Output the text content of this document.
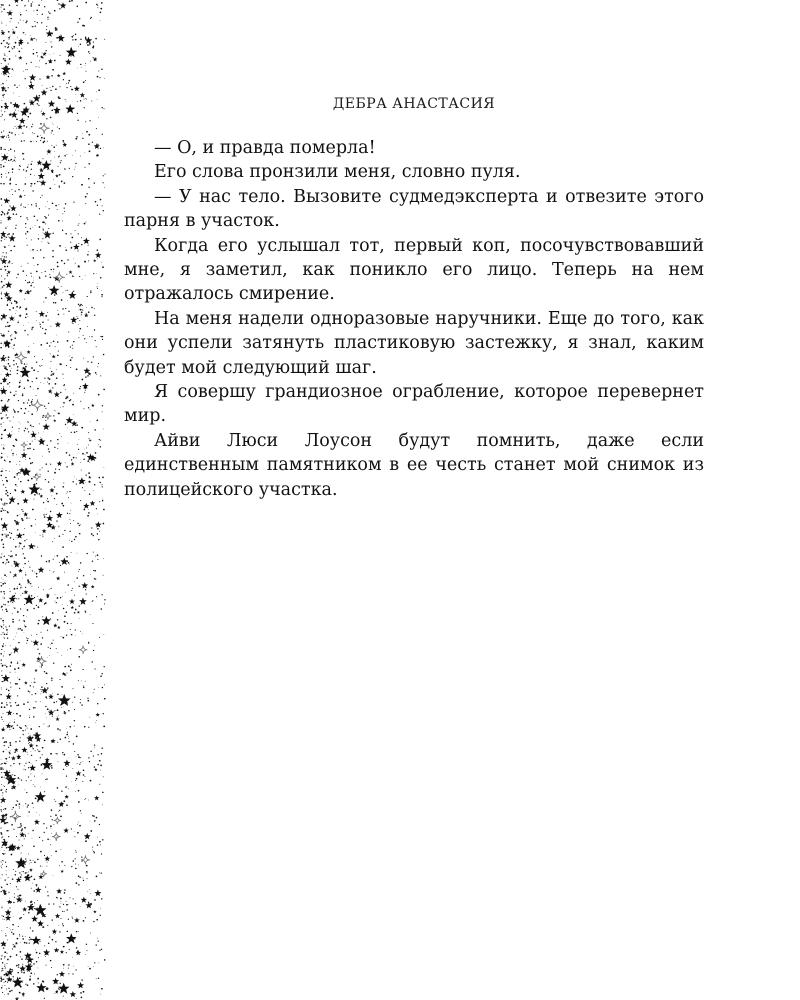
ДЕБРА АНАСТАСИЯ

— О, и правда померла!

Его слова пронзили меня, словно пуля.

— У нас тело. Вызовите судмедэксперта и отвезите этого парня в участок.

Когда его услышал тот, первый коп, посочувствовавший мне, я заметил, как поникло его лицо. Теперь на нем отражалось смирение.

На меня надели одноразовые наручники. Еще до того, как они успели затянуть пластиковую застежку, я знал, каким будет мой следующий шаг.

Я совершу грандиозное ограбление, которое перевернет мир.

Айви Люси Лоусон будут помнить, даже если единственным памятником в ее честь станет мой снимок из полицейского участка.
